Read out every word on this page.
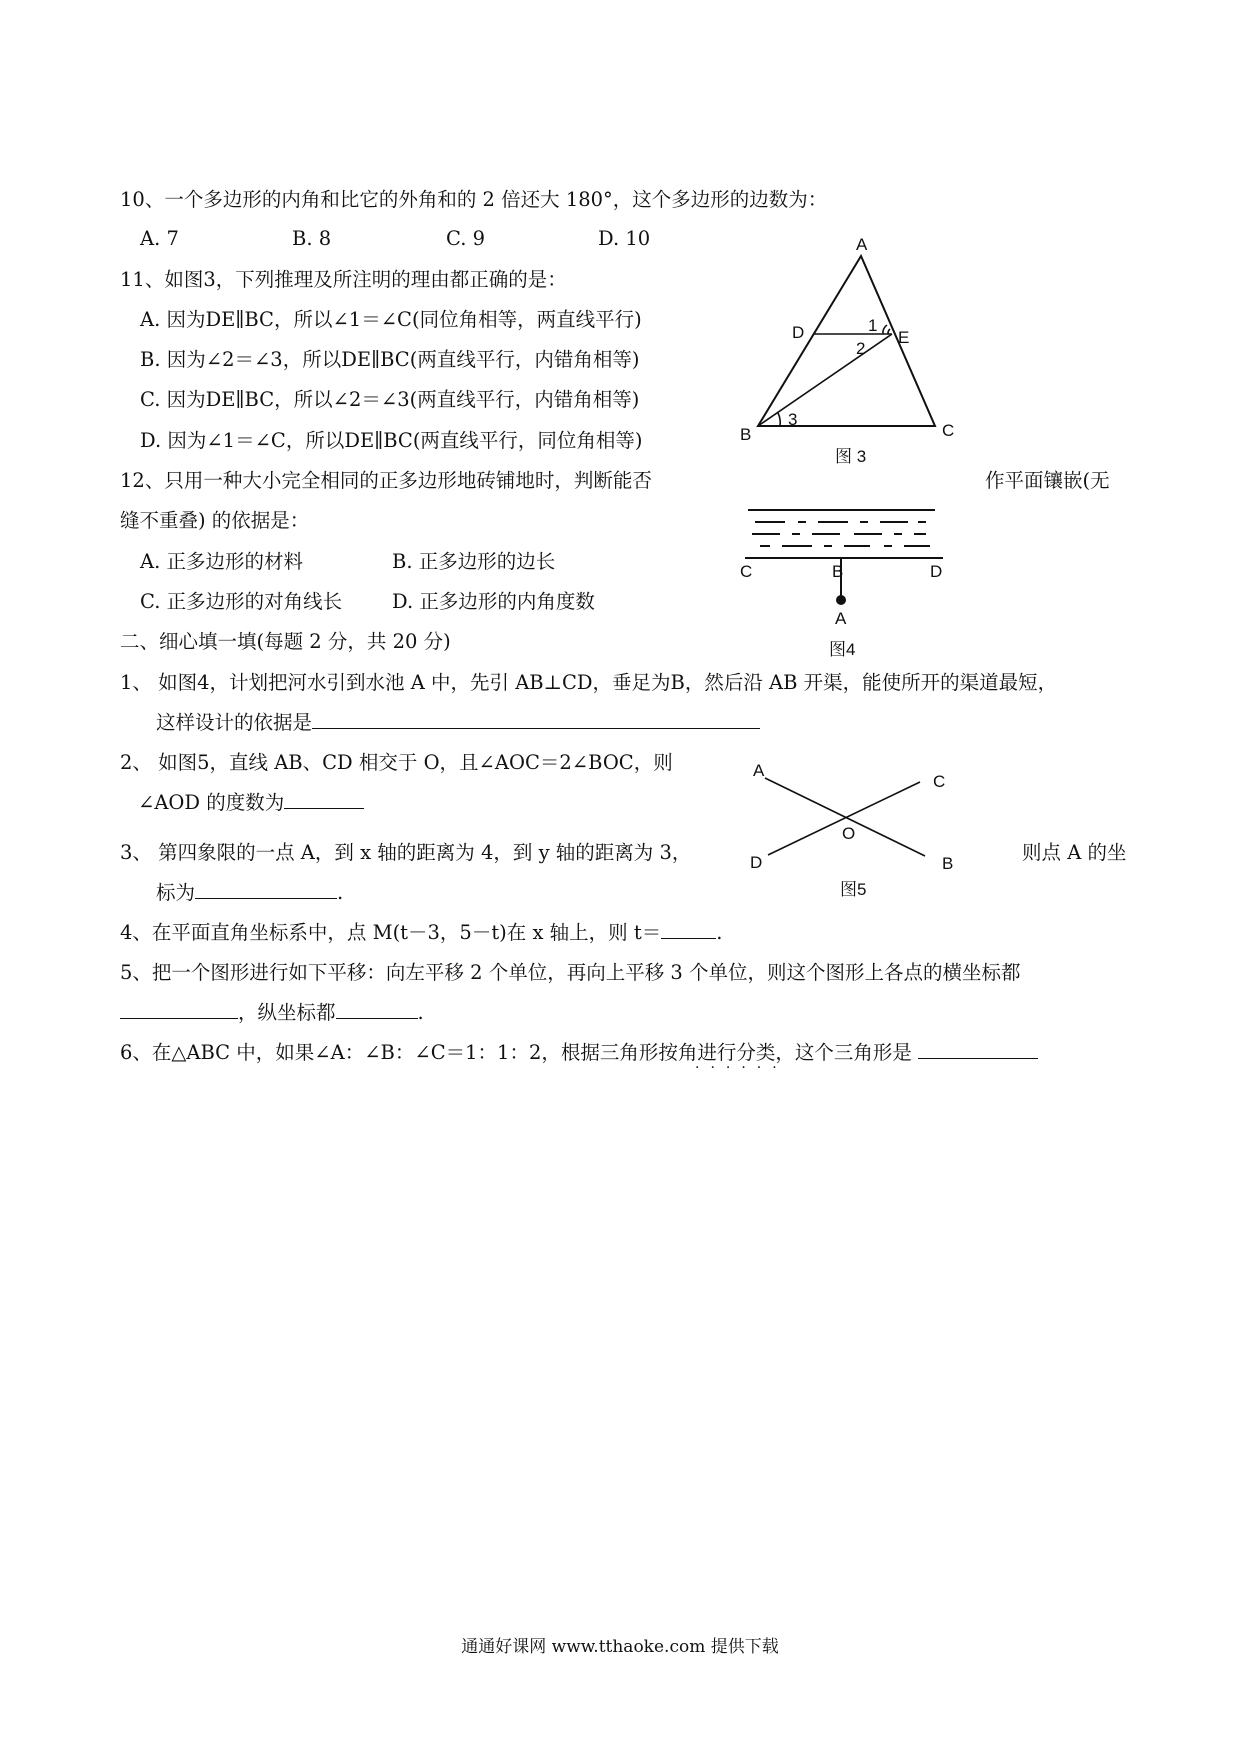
10、一个多边形的内角和比它的外角和的 2 倍还大 180°，这个多边形的边数为：
A. 7	B. 8	C. 9	D. 10
11、如图3，下列推理及所注明的理由都正确的是：
A. 因为DE∥BC，所以∠1＝∠C(同位角相等，两直线平行)
B. 因为∠2＝∠3，所以DE∥BC(两直线平行，内错角相等)
C. 因为DE∥BC，所以∠2＝∠3(两直线平行，内错角相等)
D. 因为∠1＝∠C，所以DE∥BC(两直线平行，同位角相等)
A
D	E
B	C
1
2
3
图 3
12、只用一种大小完全相同的正多边形地砖铺地时，判断能否	作平面镶嵌(无
缝不重叠) 的依据是：
A. 正多边形的材料	B. 正多边形的边长
C. 正多边形的对角线长	D. 正多边形的内角度数
C	B	D
A
图4
二、细心填一填(每题 2 分，共 20 分)
1、 如图4，计划把河水引到水池 A 中，先引 AB⊥CD，垂足为B，然后沿 AB 开渠，能使所开的渠道最短，
这样设计的依据是
2、 如图5，直线 AB、CD 相交于 O，且∠AOC＝2∠BOC，则
∠AOD 的度数为
A
C
O
D	B
图5
3、 第四象限的一点 A，到 x 轴的距离为 4，到 y 轴的距离为 3，	则点 A 的坐
标为	.
4、在平面直角坐标系中，点 M(t－3，5－t)在 x 轴上，则 t＝	.
5、把一个图形进行如下平移：向左平移 2 个单位，再向上平移 3 个单位，则这个图形上各点的横坐标都
，纵坐标都	.
6、在△ABC 中，如果∠A：∠B：∠C＝1：1：2，根据三角形按角进行分类，这个三角形是
······
通通好课网 www.tthaoke.com 提供下载
